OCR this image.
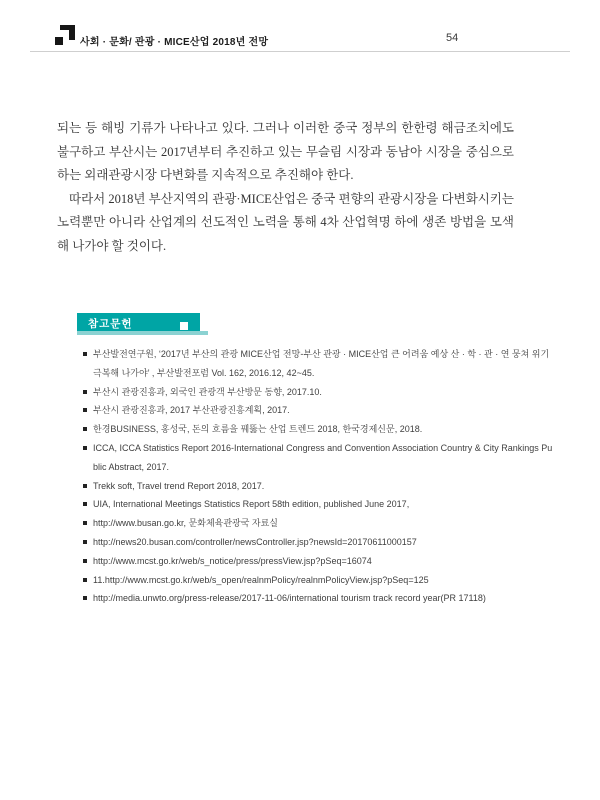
사회 · 문화/ 관광 · MICE산업 2018년 전망	54

되는 등 해빙 기류가 나타나고 있다. 그러나 이러한 중국 정부의 한한령 해금조치에도 불구하고 부산시는 2017년부터 추진하고 있는 무슬림 시장과 동남아 시장을 중심으로 하는 외래관광시장 다변화를 지속적으로 추진해야 한다.

따라서 2018년 부산지역의 관광·MICE산업은 중국 편향의 관광시장을 다변화시키는 노력뿐만 아니라 산업계의 선도적인 노력을 통해 4차 산업혁명 하에 생존 방법을 모색해 나가야 할 것이다.

참고문헌
부산발전연구원, ‘2017년 부산의 관광 MICE산업 전망-부산 관광 · MICE산업 큰 어려움 예상 산 · 학 · 관 · 연 뭉쳐 위기 극복해 나가야’ , 부산발전포럼 Vol. 162, 2016.12, 42~45.
부산시 관광진흥과, 외국인 관광객 부산방문 동향, 2017.10.
부산시 관광진흥과, 2017 부산관광진흥계획, 2017.
한경BUSINESS, 홍성국, 돈의 흐름을 꿰뚫는 산업 트렌드 2018, 한국경제신문, 2018.
ICCA, ICCA Statistics Report 2016-International Congress and Convention Association Country & City Rankings Public Abstract, 2017.
Trekk soft, Travel trend Report 2018, 2017.
UIA, International Meetings Statistics Report 58th edition, published June 2017,
http://www.busan.go.kr, 문화체육관광국 자료실
http://news20.busan.com/controller/newsController.jsp?newsId=20170611000157
http://www.mcst.go.kr/web/s_notice/press/pressView.jsp?pSeq=16074
11.http://www.mcst.go.kr/web/s_open/realnmPolicy/realnmPolicyView.jsp?pSeq=125
http://media.unwto.org/press-release/2017-11-06/international tourism track record year(PR 17118)
